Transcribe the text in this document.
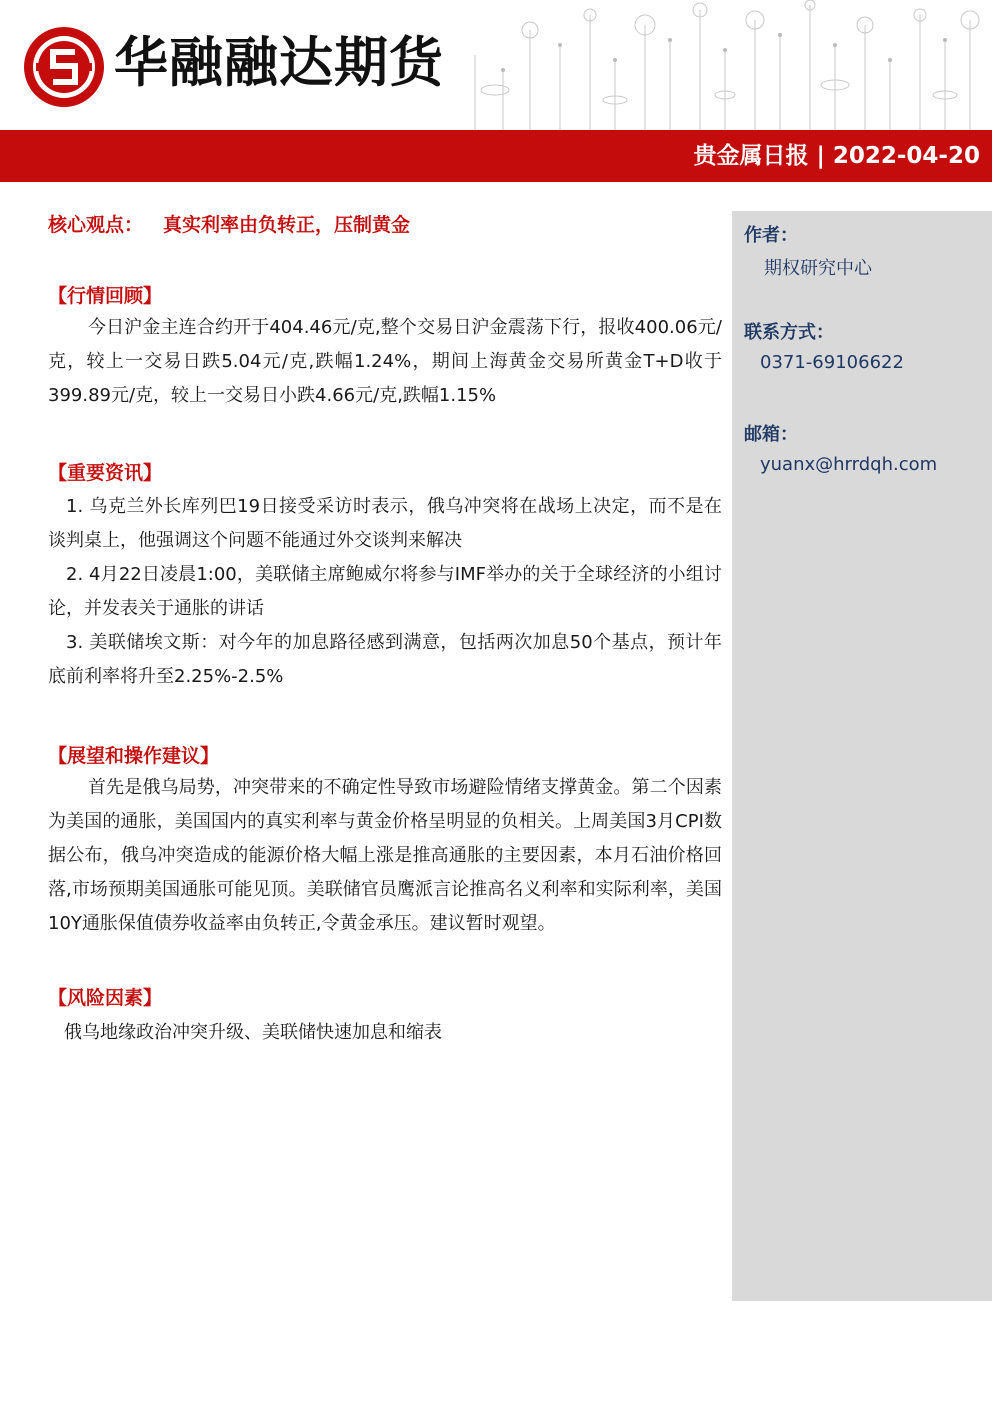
华融融达期货
贵金属日报 | 2022-04-20
作者：
期权研究中心
联系方式：
0371-69106622
邮箱：
yuanx@hrrdqh.com
核心观点： 真实利率由负转正，压制黄金
【行情回顾】
今日沪金主连合约开于404.46元/克,整个交易日沪金震荡下行，报收400.06元/克，较上一交易日跌5.04元/克,跌幅1.24%，期间上海黄金交易所黄金T+D收于399.89元/克，较上一交易日小跌4.66元/克,跌幅1.15%
【重要资讯】
1. 乌克兰外长库列巴19日接受采访时表示，俄乌冲突将在战场上决定，而不是在谈判桌上，他强调这个问题不能通过外交谈判来解决
2. 4月22日凌晨1:00，美联储主席鲍威尔将参与IMF举办的关于全球经济的小组讨论，并发表关于通胀的讲话
3. 美联储埃文斯：对今年的加息路径感到满意，包括两次加息50个基点，预计年底前利率将升至2.25%-2.5%
【展望和操作建议】
首先是俄乌局势，冲突带来的不确定性导致市场避险情绪支撑黄金。第二个因素为美国的通胀，美国国内的真实利率与黄金价格呈明显的负相关。上周美国3月CPI数据公布，俄乌冲突造成的能源价格大幅上涨是推高通胀的主要因素，本月石油价格回落,市场预期美国通胀可能见顶。美联储官员鹰派言论推高名义利率和实际利率，美国10Y通胀保值债券收益率由负转正,令黄金承压。建议暂时观望。
【风险因素】
俄乌地缘政治冲突升级、美联储快速加息和缩表
